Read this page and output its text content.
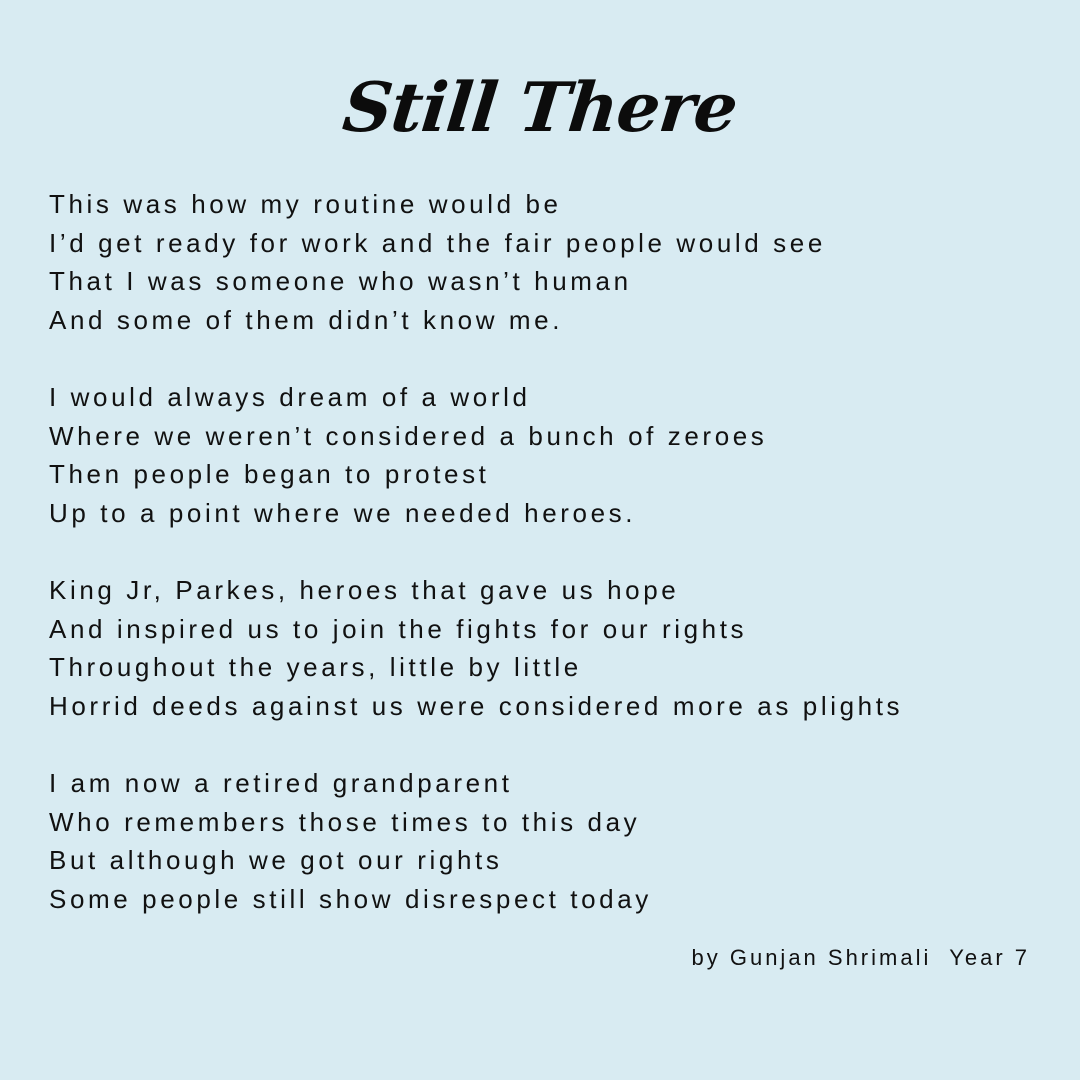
Still There
This was how my routine would be
I’d get ready for work and the fair people would see
That I was someone who wasn’t human
And some of them didn’t know me.
I would always dream of a world
Where we weren’t considered a bunch of zeroes
Then people began to protest
Up to a point where we needed heroes.
King Jr, Parkes, heroes that gave us hope
And inspired us to join the fights for our rights
Throughout the years, little by little
Horrid deeds against us were considered more as plights
I am now a retired grandparent
Who remembers those times to this day
But although we got our rights
Some people still show disrespect today
by Gunjan Shrimali  Year 7
